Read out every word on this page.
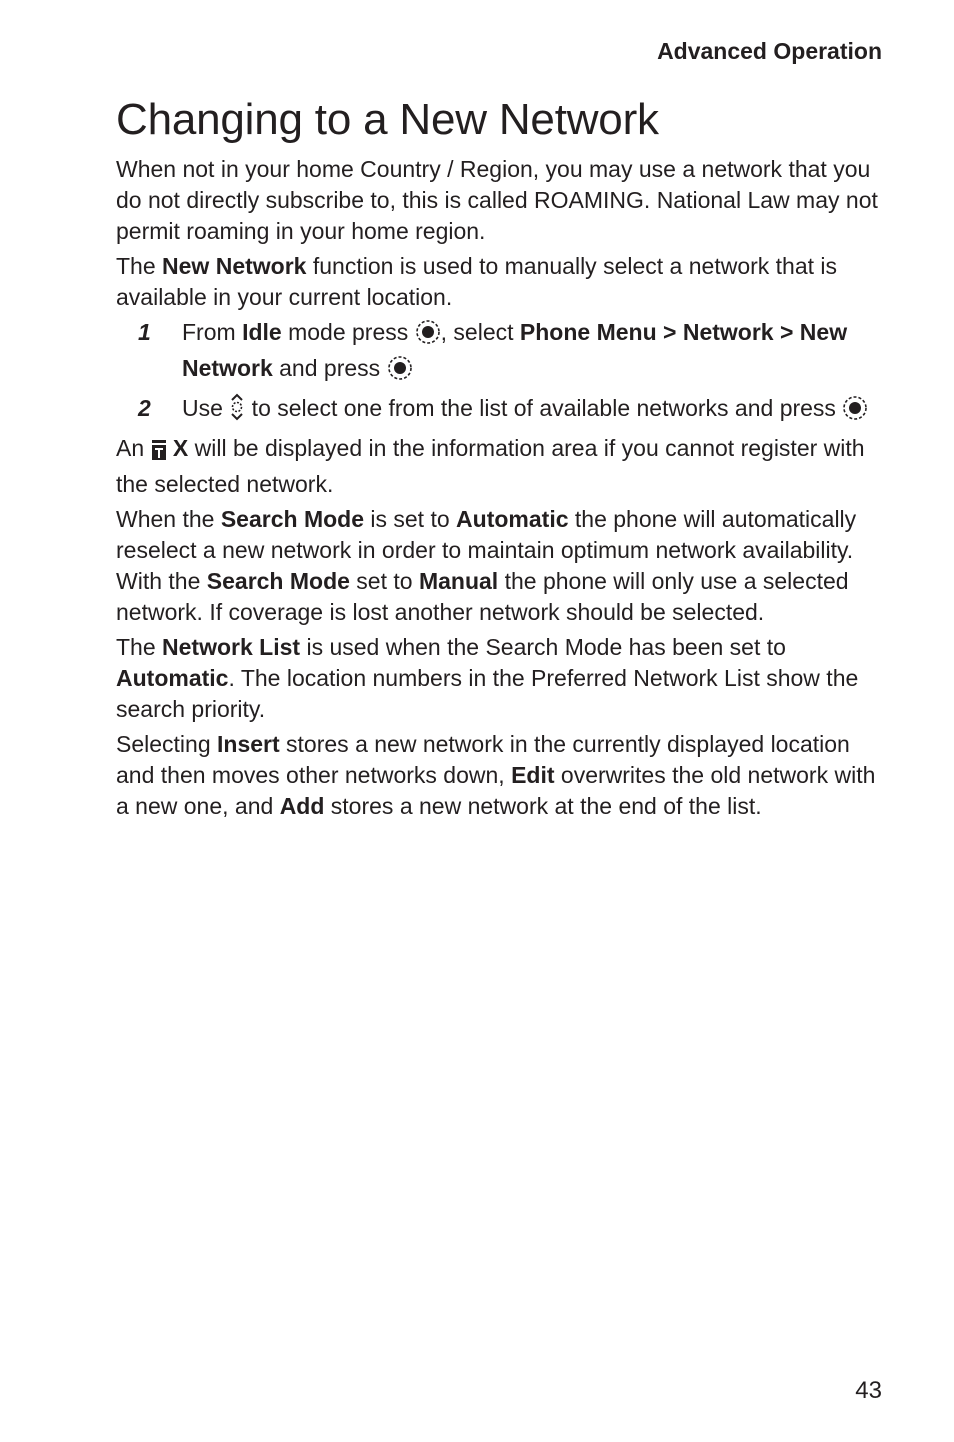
Advanced Operation
Changing to a New Network

When not in your home Country / Region, you may use a network that you do not directly subscribe to, this is called ROAMING. National Law may not permit roaming in your home region.

The New Network function is used to manually select a network that is available in your current location.

1 From Idle mode press , select Phone Menu > Network > New Network and press
2 Use  to select one from the list of available networks and press

An  X will be displayed in the information area if you cannot register with the selected network.

When the Search Mode is set to Automatic the phone will automatically reselect a new network in order to maintain optimum network availability. With the Search Mode set to Manual the phone will only use a selected network. If coverage is lost another network should be selected.

The Network List is used when the Search Mode has been set to Automatic. The location numbers in the Preferred Network List show the search priority.

Selecting Insert stores a new network in the currently displayed location and then moves other networks down, Edit overwrites the old network with a new one, and Add stores a new network at the end of the list.

43
